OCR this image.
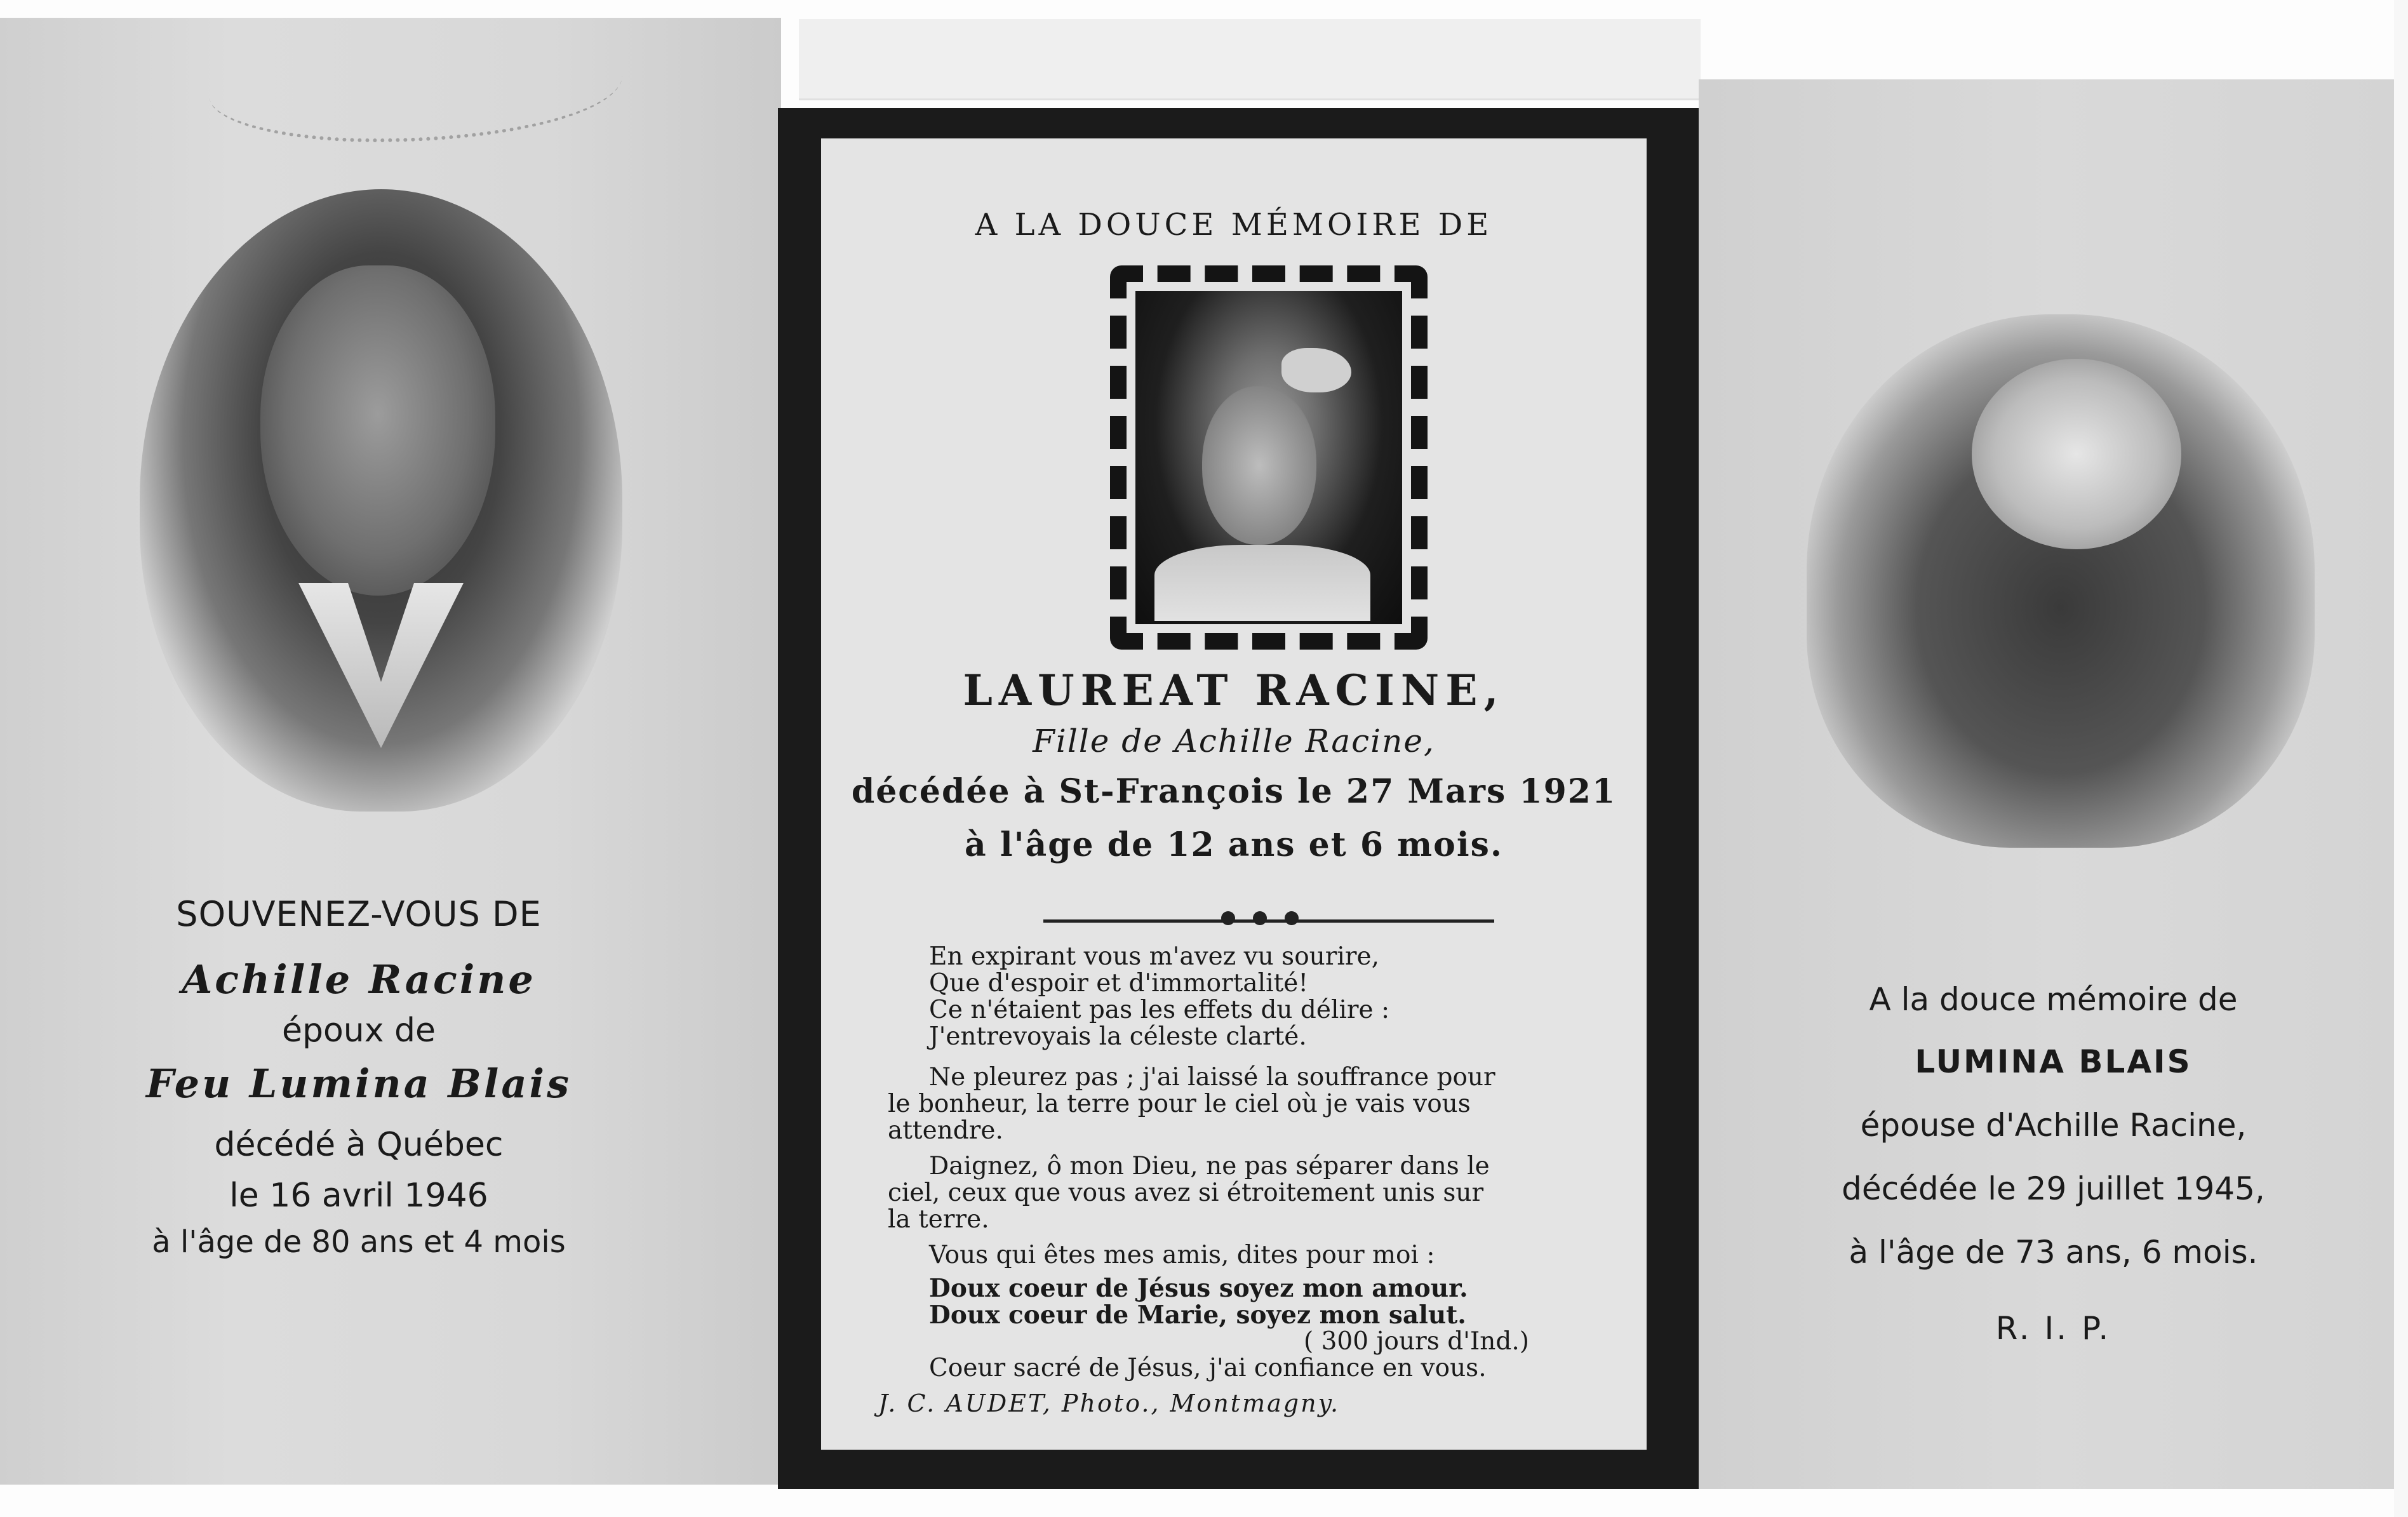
SOUVENEZ-VOUS DE
Achille Racine
époux de
Feu Lumina Blais
décédé à Québec
le 16 avril 1946
à l'âge de 80 ans et 4 mois
A LA DOUCE MÉMOIRE DE
LAUREAT RACINE,
Fille de Achille Racine,
décédée à St-François le 27 Mars 1921
à l'âge de 12 ans et 6 mois.
En expirant vous m'avez vu sourire,
Que d'espoir et d'immortalité!
Ce n'étaient pas les effets du délire :
J'entrevoyais la céleste clarté.
Ne pleurez pas ; j'ai laissé la souffrance pour
le bonheur, la terre pour le ciel où je vais vous
attendre.
Daignez, ô mon Dieu, ne pas séparer dans le
ciel, ceux que vous avez si étroitement unis sur
la terre.
Vous qui êtes mes amis, dites pour moi :
Doux coeur de Jésus soyez mon amour.
Doux coeur de Marie, soyez mon salut.
( 300 jours d'Ind.)
Coeur sacré de Jésus, j'ai confiance en vous.
J. C. AUDET, Photo., Montmagny.
A la douce mémoire de
LUMINA BLAIS
épouse d'Achille Racine,
décédée le 29 juillet 1945,
à l'âge de 73 ans, 6 mois.
R. I. P.
